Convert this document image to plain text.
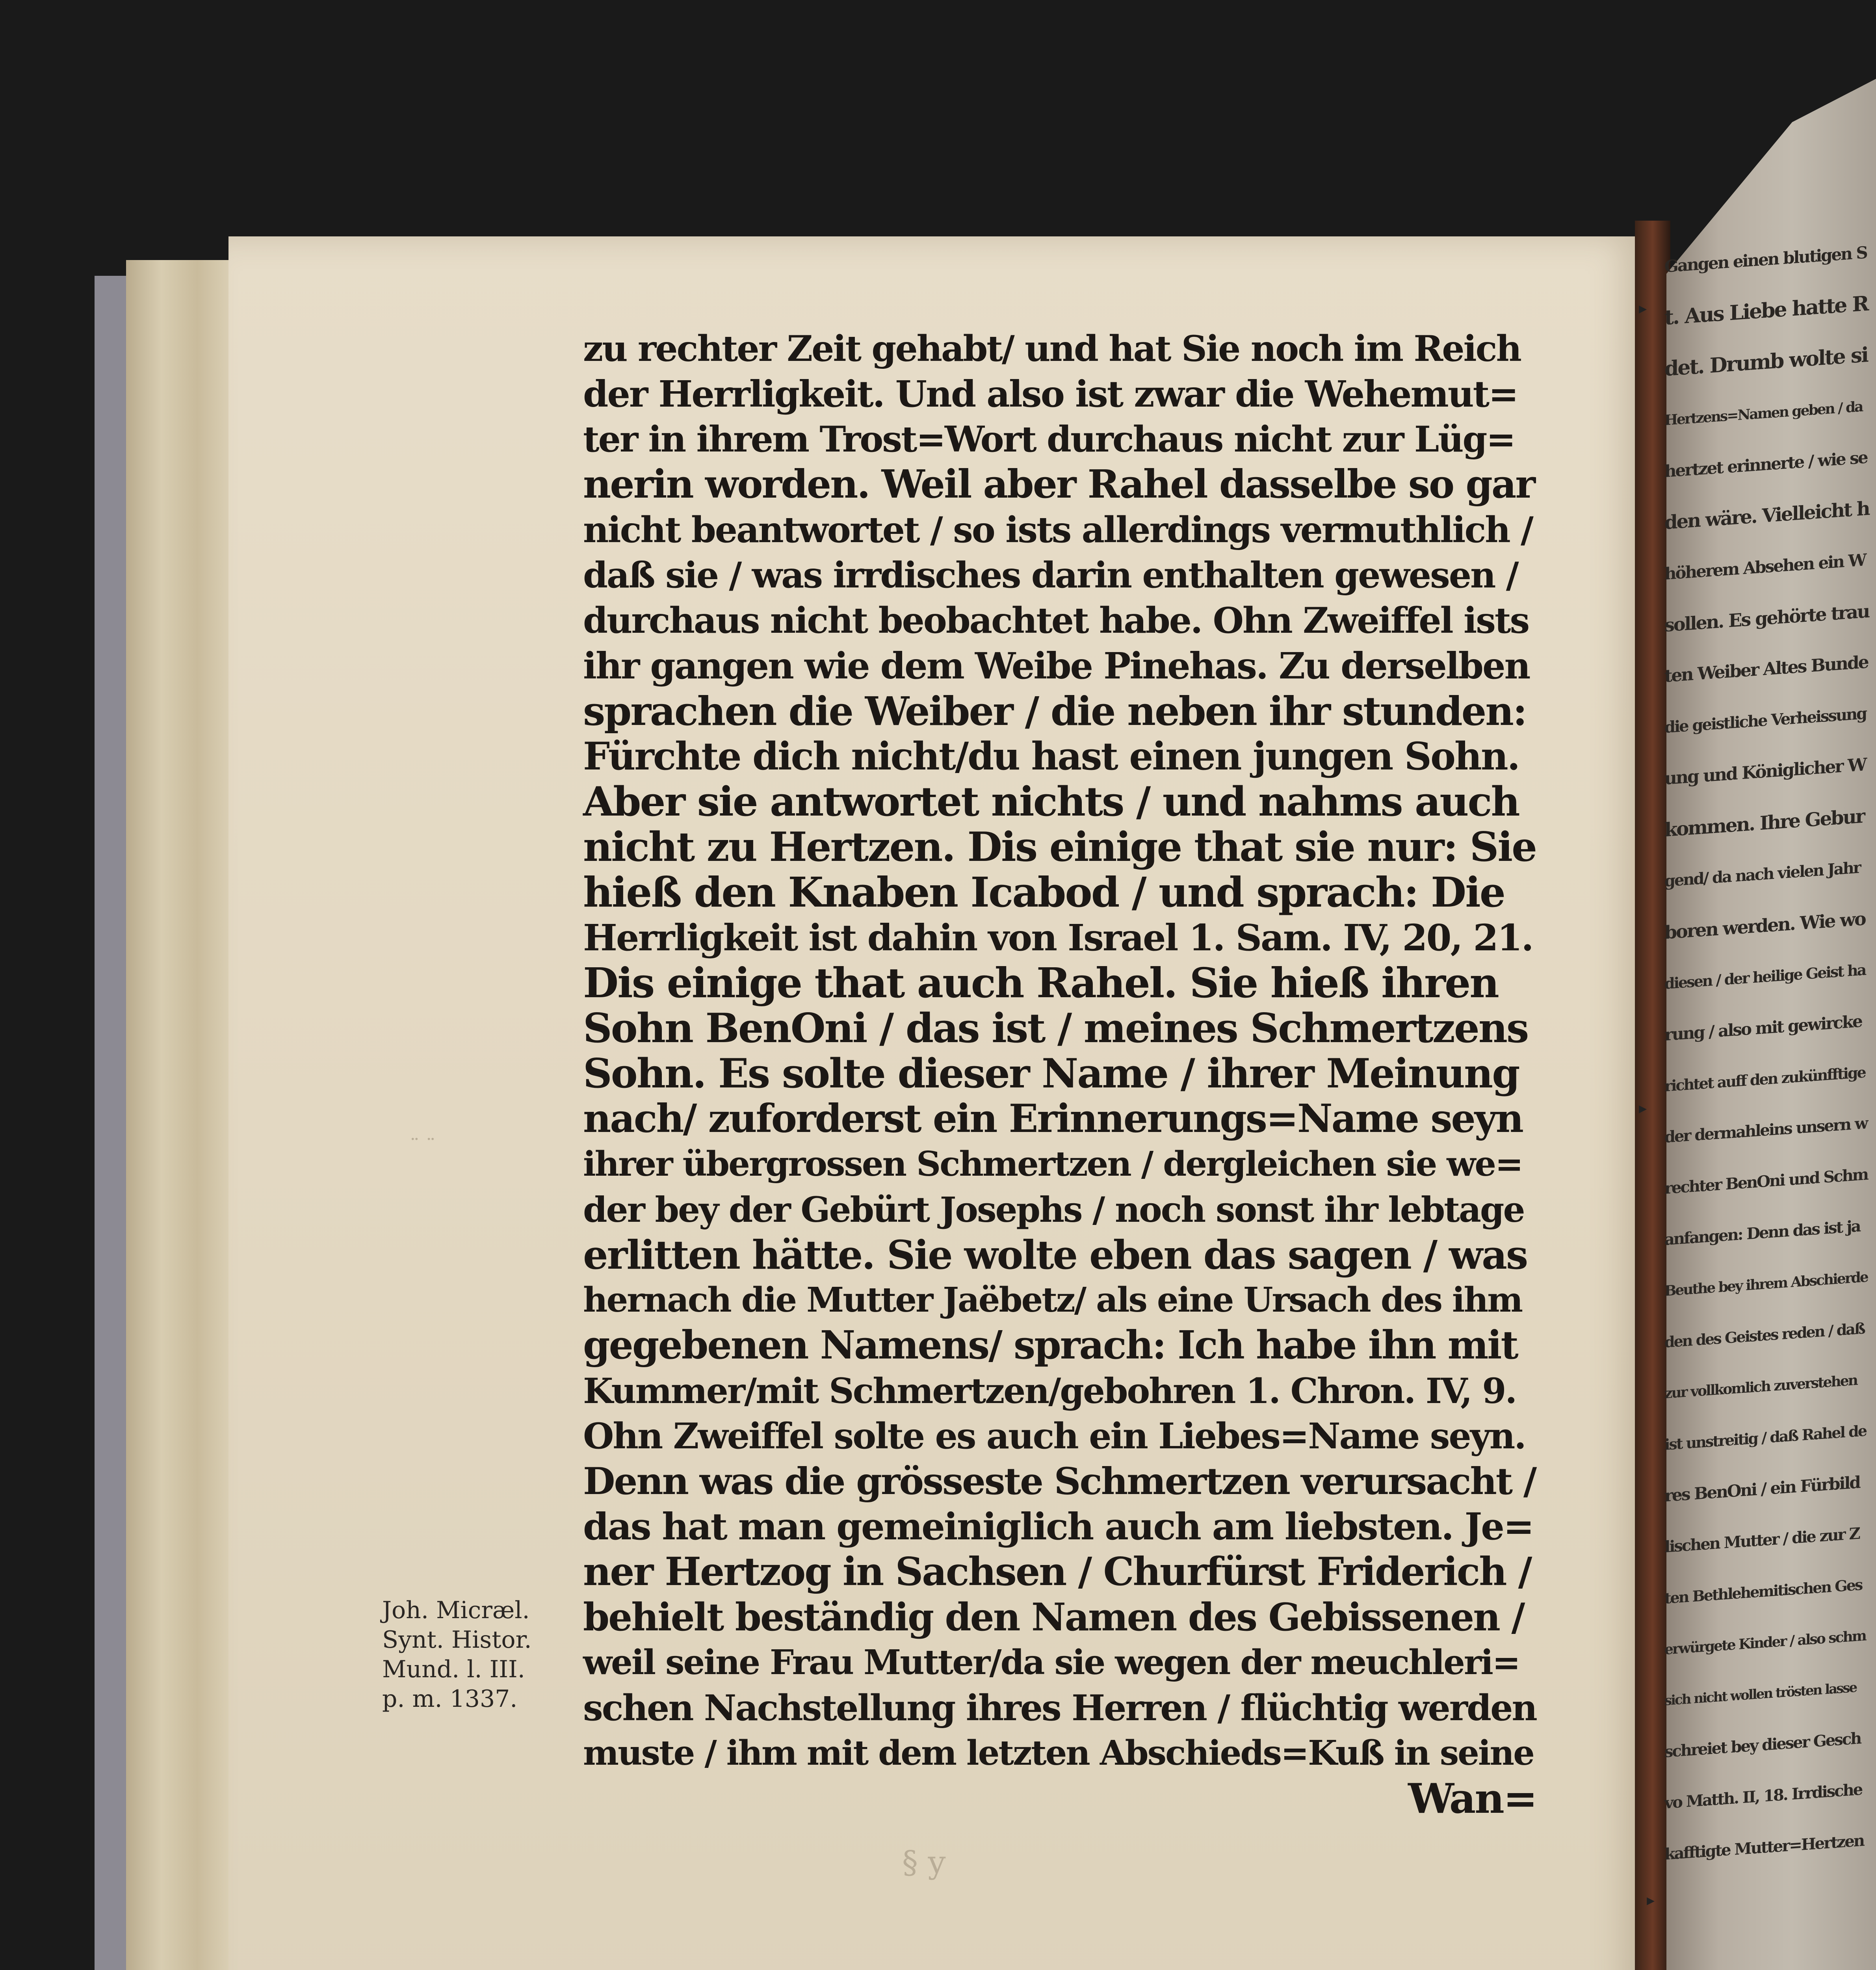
§ y
¨ ¨
Joh. Micræl.
Synt. Histor.
Mund. l. III.
p. m. 1337.
zu rechter Zeit gehabt/ und hat Sie noch im Reich
der Herrligkeit. Und also ist zwar die Wehemut=
ter in ihrem Trost=Wort durchaus nicht zur Lüg=
nerin worden. Weil aber Rahel dasselbe so gar
nicht beantwortet / so ists allerdings vermuthlich /
daß sie / was irrdisches darin enthalten gewesen /
durchaus nicht beobachtet habe. Ohn Zweiffel ists
ihr gangen wie dem Weibe Pinehas. Zu derselben
sprachen die Weiber / die neben ihr stunden:
Fürchte dich nicht/du hast einen jungen Sohn.
Aber sie antwortet nichts / und nahms auch
nicht zu Hertzen. Dis einige that sie nur: Sie
hieß den Knaben Icabod / und sprach: Die
Herrligkeit ist dahin von Israel 1. Sam. IV, 20, 21.
Dis einige that auch Rahel. Sie hieß ihren
Sohn BenOni / das ist / meines Schmertzens
Sohn. Es solte dieser Name / ihrer Meinung
nach/ zuforderst ein Erinnerungs=Name seyn
ihrer übergrossen Schmertzen / dergleichen sie we=
der bey der Gebürt Josephs / noch sonst ihr lebtage
erlitten hätte. Sie wolte eben das sagen / was
hernach die Mutter Jaëbetz/ als eine Ursach des ihm
gegebenen Namens/ sprach: Ich habe ihn mit
Kummer/mit Schmertzen/gebohren 1. Chron. IV, 9.
Ohn Zweiffel solte es auch ein Liebes=Name seyn.
Denn was die grösseste Schmertzen verursacht /
das hat man gemeiniglich auch am liebsten. Je=
ner Hertzog in Sachsen / Churfürst Friderich /
behielt beständig den Namen des Gebissenen /
weil seine Frau Mutter/da sie wegen der meuchleri=
schen Nachstellung ihres Herren / flüchtig werden
muste / ihm mit dem letzten Abschieds=Kuß in seine
Wan=
Gangen einen blutigen S
t. Aus Liebe hatte R
det. Drumb wolte si
Hertzens=Namen geben / da
hertzet erinnerte / wie se
den wäre. Vielleicht h
höherem Absehen ein W
sollen. Es gehörte trau
ten Weiber Altes Bunde
die geistliche Verheissung
ung und Königlicher W
kommen. Ihre Gebur
gend/ da nach vielen Jahr
boren werden. Wie wo
diesen / der heilige Geist ha
rung / also mit gewircke
richtet auff den zukünfftige
der dermahleins unsern w
rechter BenOni und Schm
anfangen: Denn das ist ja
Beuthe bey ihrem Abschierde
den des Geistes reden / daß
zur vollkomlich zuverstehen
ist unstreitig / daß Rahel de
res BenOni / ein Fürbild
lischen Mutter / die zur Z
ten Bethlehemitischen Ges
erwürgete Kinder / also schm
sich nicht wollen trösten lasse
schreiet bey dieser Gesch
vo Matth. II, 18. Irrdische
kafftigte Mutter=Hertzen
▸
▸
▸
